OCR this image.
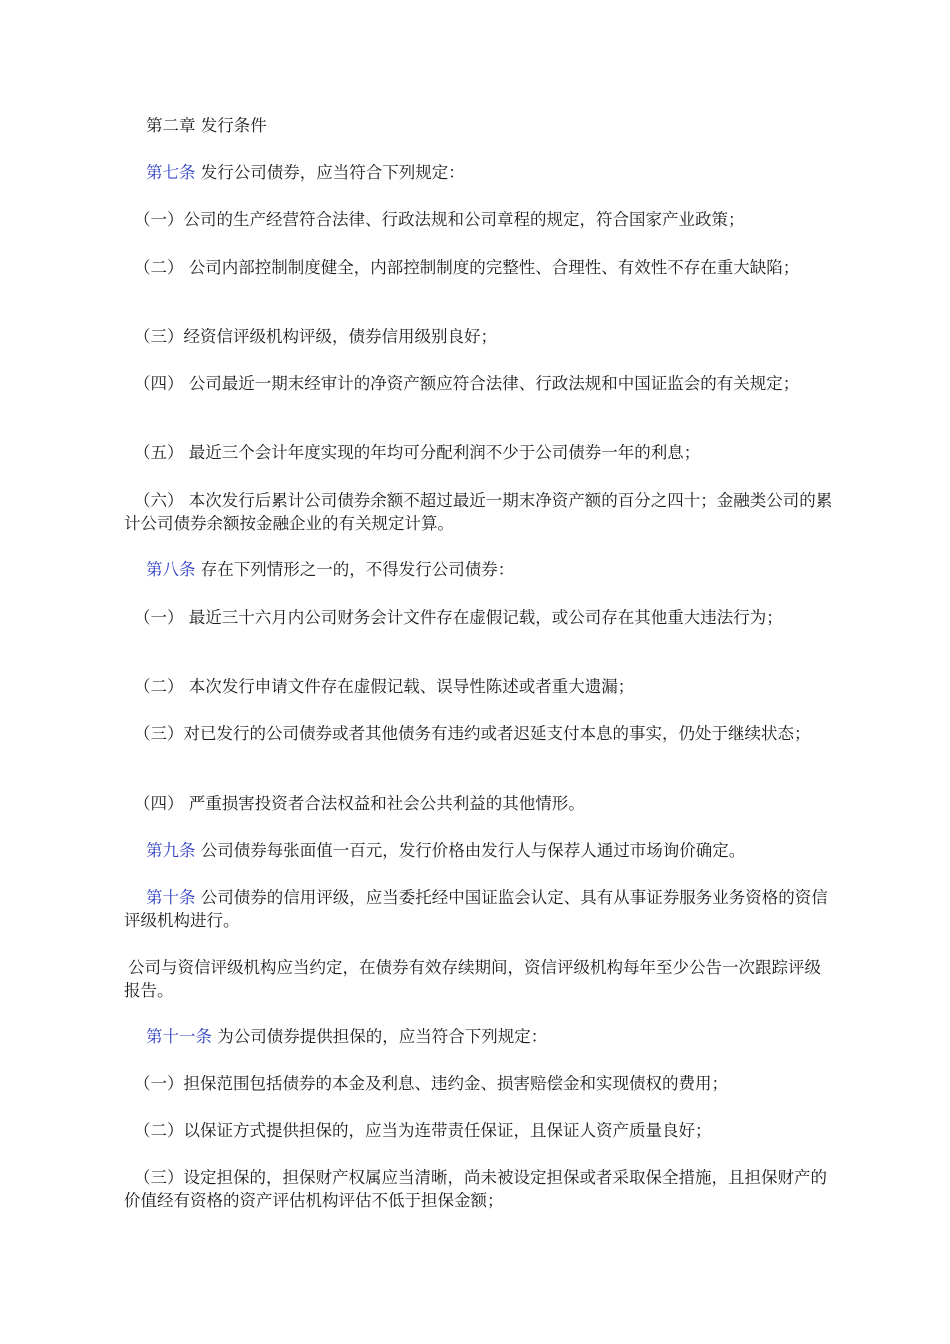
第二章 发行条件
第七条 发行公司债券，应当符合下列规定：
（一）公司的生产经营符合法律、行政法规和公司章程的规定，符合国家产业政策；
（二） 公司内部控制制度健全，内部控制制度的完整性、合理性、有效性不存在重大缺陷；
（三）经资信评级机构评级，债券信用级别良好；
（四） 公司最近一期末经审计的净资产额应符合法律、行政法规和中国证监会的有关规定；
（五） 最近三个会计年度实现的年均可分配利润不少于公司债券一年的利息；
（六） 本次发行后累计公司债券余额不超过最近一期末净资产额的百分之四十；金融类公司的累计公司债券余额按金融企业的有关规定计算。
第八条 存在下列情形之一的，不得发行公司债券：
（一） 最近三十六月内公司财务会计文件存在虚假记载，或公司存在其他重大违法行为；
（二） 本次发行申请文件存在虚假记载、误导性陈述或者重大遗漏；
（三）对已发行的公司债券或者其他债务有违约或者迟延支付本息的事实，仍处于继续状态；
（四） 严重损害投资者合法权益和社会公共利益的其他情形。
第九条 公司债券每张面值一百元，发行价格由发行人与保荐人通过市场询价确定。
第十条 公司债券的信用评级，应当委托经中国证监会认定、具有从事证券服务业务资格的资信评级机构进行。
公司与资信评级机构应当约定，在债券有效存续期间，资信评级机构每年至少公告一次跟踪评级报告。
第十一条 为公司债券提供担保的，应当符合下列规定：
（一）担保范围包括债券的本金及利息、违约金、损害赔偿金和实现债权的费用；
（二）以保证方式提供担保的，应当为连带责任保证，且保证人资产质量良好；
（三）设定担保的，担保财产权属应当清晰，尚未被设定担保或者采取保全措施，且担保财产的价值经有资格的资产评估机构评估不低于担保金额；
